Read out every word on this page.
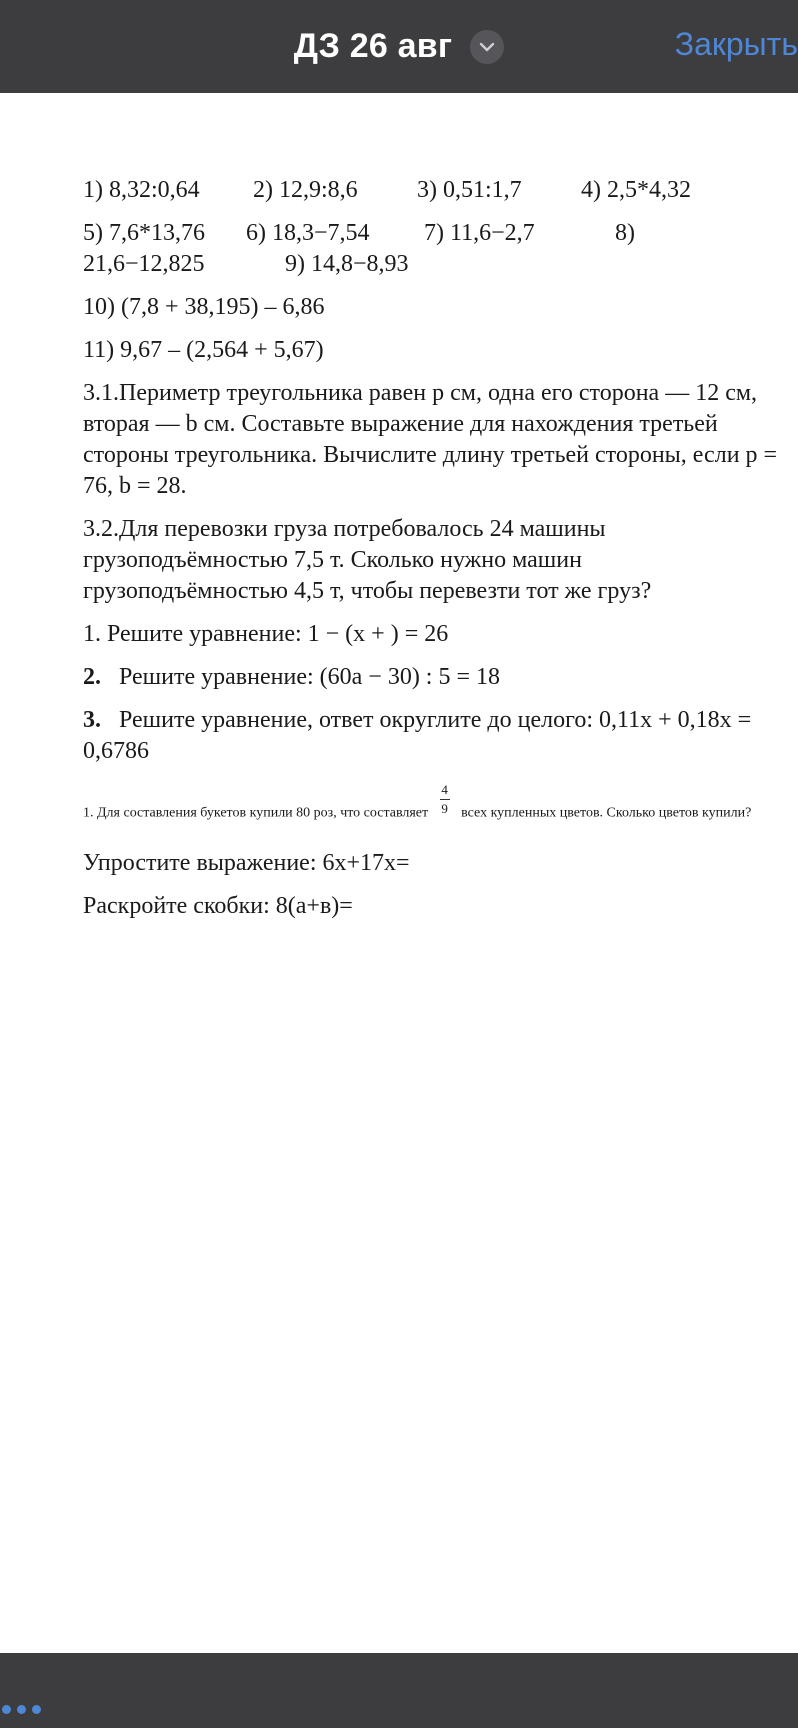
ДЗ 26 авг	Закрыть
1) 8,32:0,64	2) 12,9:8,6	3) 0,51:1,7	4) 2,5*4,32
5) 7,6*13,76	6) 18,3−7,54	7) 11,6−2,7	8)
21,6−12,825	9) 14,8−8,93

10) (7,8 + 38,195) – 6,86

11) 9,67 – (2,564 + 5,67)

3.1.Периметр треугольника равен p см, одна его сторона — 12 см, вторая — b см. Составьте выражение для нахождения третьей стороны треугольника. Вычислите длину третьей стороны, если p = 76, b = 28.

3.2.Для перевозки груза потребовалось 24 машины грузоподъёмностью 7,5 т. Сколько нужно машин грузоподъёмностью 4,5 т, чтобы перевезти тот же груз?

1. Решите уравнение: 1 − (x + ) = 26

2. Решите уравнение: (60a − 30) : 5 = 18

3. Решите уравнение, ответ округлите до целого: 0,11x + 0,18x = 0,6786

1. Для составления букетов купили 80 роз, что составляет $\frac{4}{9}$ всех купленных цветов. Сколько цветов купили?

Упростите выражение: 6x+17x=

Раскройте скобки: 8(а+в)=
